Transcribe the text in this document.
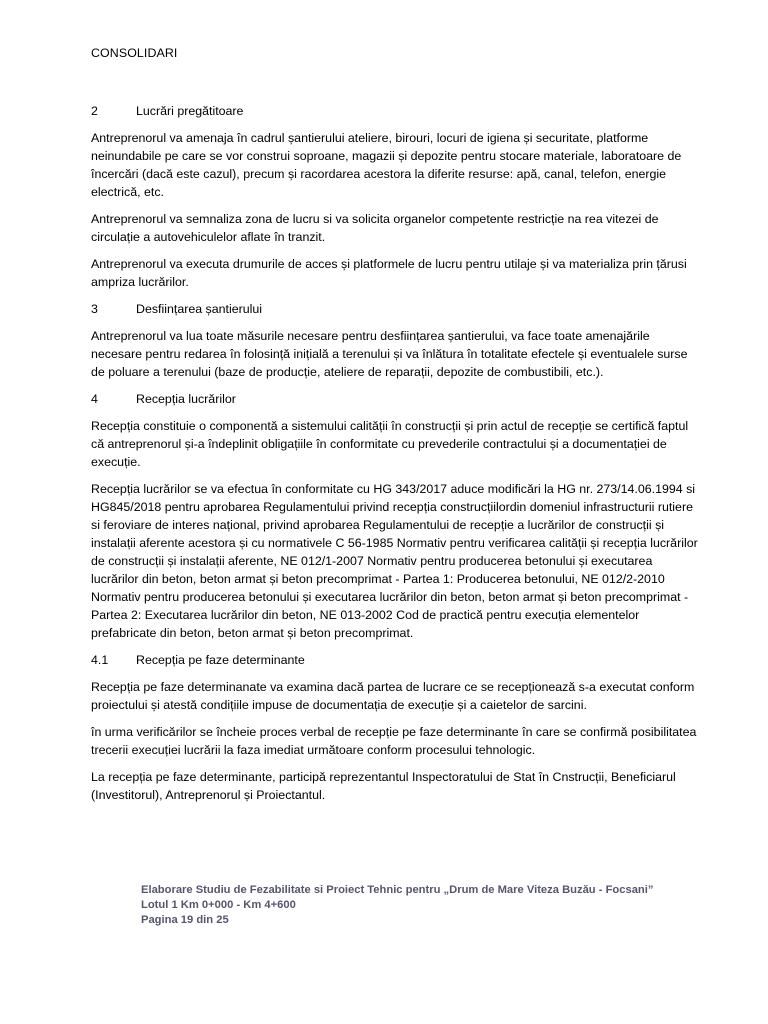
CONSOLIDARI
2	Lucrări pregătitoare

Antreprenorul va amenaja în cadrul șantierului ateliere, birouri, locuri de igiena și securitate, platforme neinundabile pe care se vor construi soproane, magazii și depozite pentru stocare materiale, laboratoare de încercări (dacă este cazul), precum și racordarea acestora la diferite resurse: apă, canal, telefon, energie electrică, etc.

Antreprenorul va semnaliza zona de lucru si va solicita organelor competente restricție na rea vitezei de circulație a autovehiculelor aflate în tranzit.

Antreprenorul va executa drumurile de acces și platformele de lucru pentru utilaje și va materializa prin țărusi ampriza lucrărilor.

3	Desființarea șantierului

Antreprenorul va lua toate măsurile necesare pentru desființarea șantierului, va face toate amenajările necesare pentru redarea în folosință inițială a terenului și va înlătura în totalitate efectele și eventualele surse de poluare a terenului (baze de producție, ateliere de reparații, depozite de combustibili, etc.).

4	Recepția lucrărilor

Recepția constituie o componentă a sistemului calității în construcții și prin actul de recepție se certifică faptul că antreprenorul și-a îndeplinit obligațiile în conformitate cu prevederile contractului și a documentației de execuție.

Recepția lucrărilor se va efectua în conformitate cu HG 343/2017 aduce modificări la HG nr. 273/14.06.1994 si HG845/2018 pentru aprobarea Regulamentului privind recepția construcțiilordin domeniul infrastructurii rutiere si feroviare de interes național, privind aprobarea Regulamentului de recepție a lucrărilor de construcții și instalații aferente acestora și cu normativele C 56-1985 Normativ pentru verificarea calității și recepția lucrărilor de construcții și instalații aferente, NE 012/1-2007 Normativ pentru producerea betonului și executarea lucrărilor din beton, beton armat și beton precomprimat - Partea 1: Producerea betonului, NE 012/2-2010 Normativ pentru producerea betonului și executarea lucrărilor din beton, beton armat și beton precomprimat - Partea 2: Executarea lucrărilor din beton, NE 013-2002 Cod de practică pentru execuția elementelor prefabricate din beton, beton armat și beton precomprimat.

4.1	Recepția pe faze determinante

Recepția pe faze determinanate va examina dacă partea de lucrare ce se recepționează s-a executat conform proiectului și atestă condițiile impuse de documentația de execuție și a caietelor de sarcini.

în urma verificărilor se încheie proces verbal de recepție pe faze determinante în care se confirmă posibilitatea trecerii execuției lucrării la faza imediat următoare conform procesului tehnologic.

La recepția pe faze determinante, participă reprezentantul Inspectoratului de Stat în Cnstrucții, Beneficiarul (Investitorul), Antreprenorul și Proiectantul.

Elaborare Studiu de Fezabilitate si Proiect Tehnic pentru „Drum de Mare Viteza Buzău - Focsani”
Lotul 1 Km 0+000 - Km 4+600
Pagina 19 din 25
